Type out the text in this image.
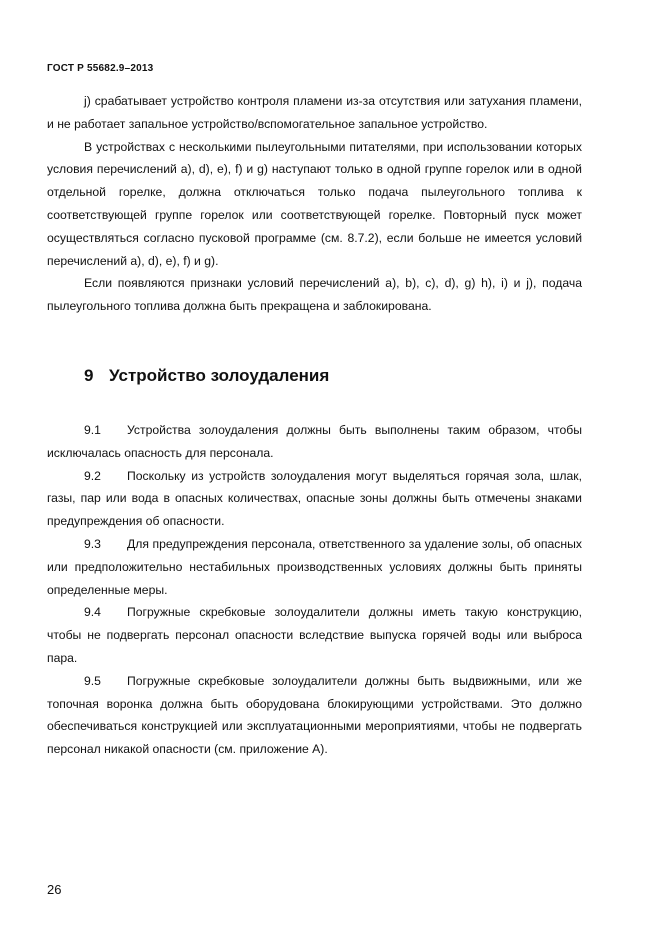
ГОСТ Р 55682.9–2013

j) срабатывает устройство контроля пламени из-за отсутствия или затухания пламени, и не работает запальное устройство/вспомогательное запальное устройство.

В устройствах с несколькими пылеугольными питателями, при использовании которых условия перечислений a), d), e), f) и g) наступают только в одной группе горелок или в одной отдельной горелке, должна отключаться только подача пылеугольного топлива к соответствующей группе горелок или соответствующей горелке. Повторный пуск может осуществляться согласно пусковой программе (см. 8.7.2), если больше не имеется условий перечислений a), d), e), f) и g).

Если появляются признаки условий перечислений a), b), c), d), g) h), i) и j), подача пылеугольного топлива должна быть прекращена и заблокирована.

9 Устройство золоудаления

9.1 Устройства золоудаления должны быть выполнены таким образом, чтобы исключалась опасность для персонала.

9.2 Поскольку из устройств золоудаления могут выделяться горячая зола, шлак, газы, пар или вода в опасных количествах, опасные зоны должны быть отмечены знаками предупреждения об опасности.

9.3 Для предупреждения персонала, ответственного за удаление золы, об опасных или предположительно нестабильных производственных условиях должны быть приняты определенные меры.

9.4 Погружные скребковые золоудалители должны иметь такую конструкцию, чтобы не подвергать персонал опасности вследствие выпуска горячей воды или выброса пара.

9.5 Погружные скребковые золоудалители должны быть выдвижными, или же топочная воронка должна быть оборудована блокирующими устройствами. Это должно обеспечиваться конструкцией или эксплуатационными мероприятиями, чтобы не подвергать персонал никакой опасности (см. приложение А).

26
